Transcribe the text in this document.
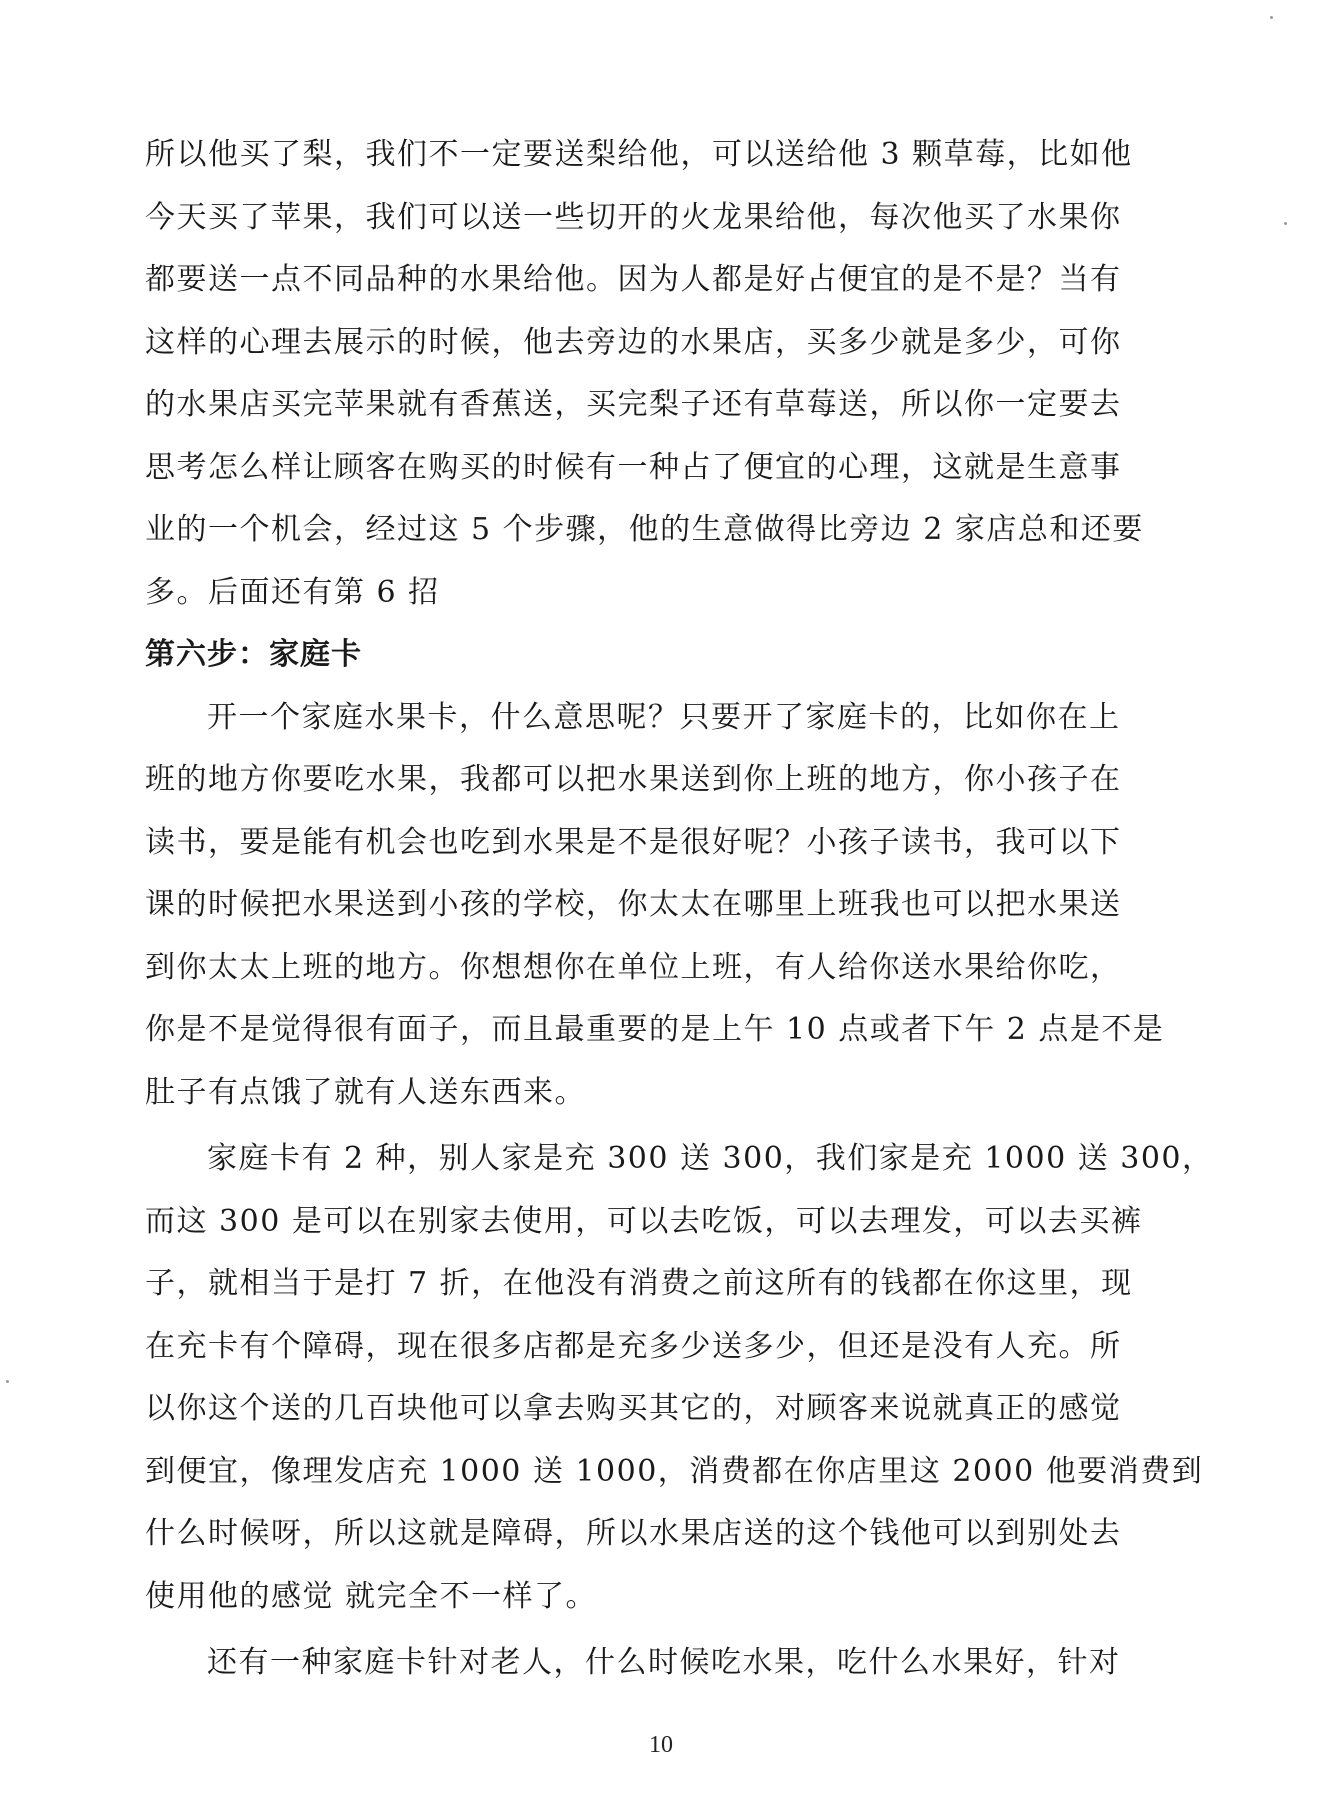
所以他买了梨，我们不一定要送梨给他，可以送给他 3 颗草莓，比如他
今天买了苹果，我们可以送一些切开的火龙果给他，每次他买了水果你
都要送一点不同品种的水果给他。因为人都是好占便宜的是不是？当有
这样的心理去展示的时候，他去旁边的水果店，买多少就是多少，可你
的水果店买完苹果就有香蕉送，买完梨子还有草莓送，所以你一定要去
思考怎么样让顾客在购买的时候有一种占了便宜的心理，这就是生意事
业的一个机会，经过这 5 个步骤，他的生意做得比旁边 2 家店总和还要
多。后面还有第 6 招
第六步：家庭卡
开一个家庭水果卡，什么意思呢？只要开了家庭卡的，比如你在上
班的地方你要吃水果，我都可以把水果送到你上班的地方，你小孩子在
读书，要是能有机会也吃到水果是不是很好呢？小孩子读书，我可以下
课的时候把水果送到小孩的学校，你太太在哪里上班我也可以把水果送
到你太太上班的地方。你想想你在单位上班，有人给你送水果给你吃，
你是不是觉得很有面子，而且最重要的是上午 10 点或者下午 2 点是不是
肚子有点饿了就有人送东西来。
家庭卡有 2 种，别人家是充 300 送 300，我们家是充 1000 送 300，
而这 300 是可以在别家去使用，可以去吃饭，可以去理发，可以去买裤
子，就相当于是打 7 折，在他没有消费之前这所有的钱都在你这里，现
在充卡有个障碍，现在很多店都是充多少送多少，但还是没有人充。所
以你这个送的几百块他可以拿去购买其它的，对顾客来说就真正的感觉
到便宜，像理发店充 1000 送 1000，消费都在你店里这 2000 他要消费到
什么时候呀，所以这就是障碍，所以水果店送的这个钱他可以到别处去
使用他的感觉 就完全不一样了。
还有一种家庭卡针对老人，什么时候吃水果，吃什么水果好，针对
10
